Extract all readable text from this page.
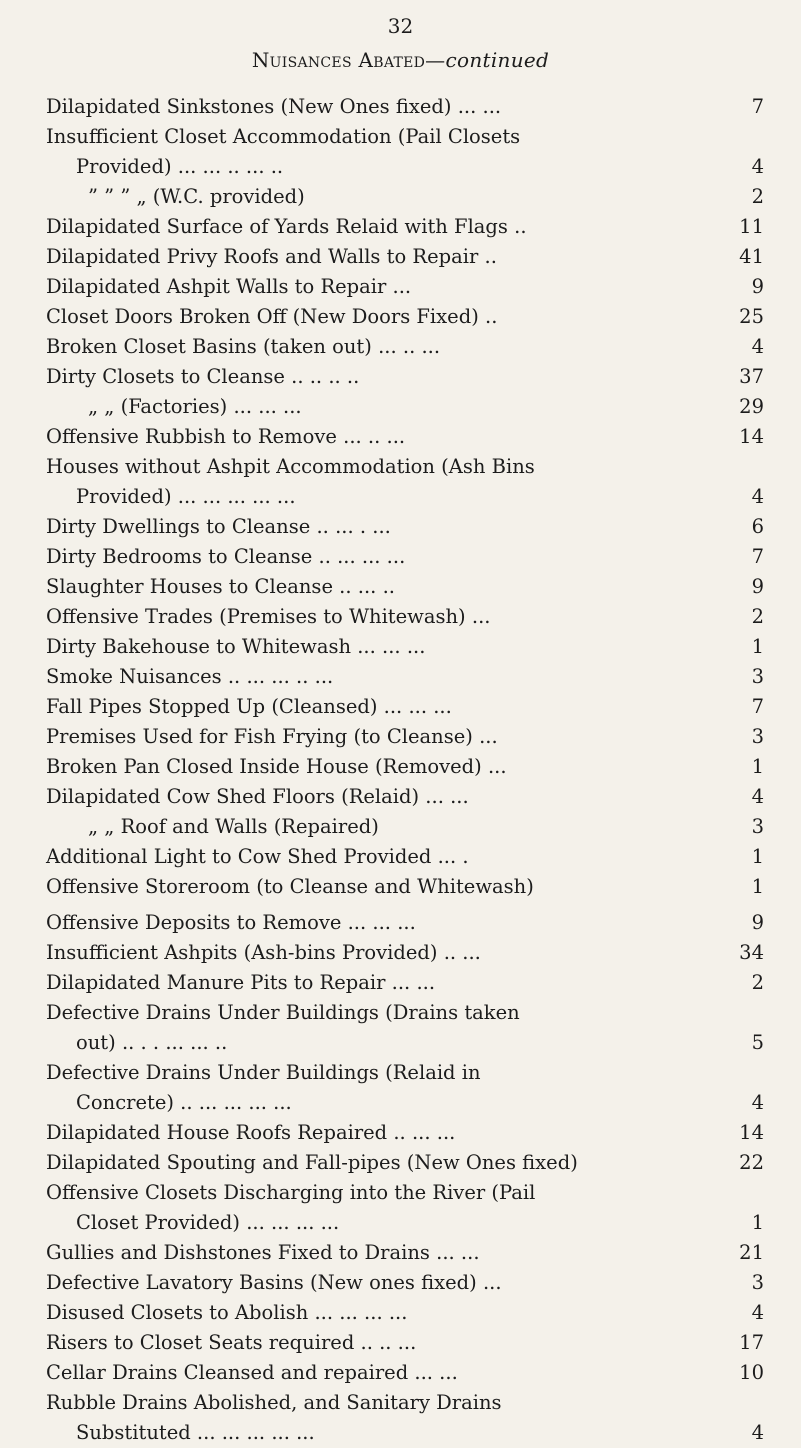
32
Nuisances Abated—continued
Dilapidated Sinkstones (New Ones fixed) ... ...	7
Insufficient Closet Accommodation (Pail Closets
Provided) ... ... .. ... ..	4
” ” ” „ (W.C. provided)	2
Dilapidated Surface of Yards Relaid with Flags ..	11
Dilapidated Privy Roofs and Walls to Repair ..	41
Dilapidated Ashpit Walls to Repair ...	9
Closet Doors Broken Off (New Doors Fixed) ..	25
Broken Closet Basins (taken out) ... .. ...	4
Dirty Closets to Cleanse .. .. .. ..	37
„ „ (Factories) ... ... ...	29
Offensive Rubbish to Remove ... .. ...	14
Houses without Ashpit Accommodation (Ash Bins
Provided) ... ... ... ... ...	4
Dirty Dwellings to Cleanse .. ... . ...	6
Dirty Bedrooms to Cleanse .. ... ... ...	7
Slaughter Houses to Cleanse .. ... ..	9
Offensive Trades (Premises to Whitewash) ...	2
Dirty Bakehouse to Whitewash ... ... ...	1
Smoke Nuisances .. ... ... .. ...	3
Fall Pipes Stopped Up (Cleansed) ... ... ...	7
Premises Used for Fish Frying (to Cleanse) ...	3
Broken Pan Closed Inside House (Removed) ...	1
Dilapidated Cow Shed Floors (Relaid) ... ...	4
„ „ Roof and Walls (Repaired)	3
Additional Light to Cow Shed Provided ... .	1
Offensive Storeroom (to Cleanse and Whitewash)	1
Offensive Deposits to Remove ... ... ...	9
Insufficient Ashpits (Ash-bins Provided) .. ...	34
Dilapidated Manure Pits to Repair ... ...	2
Defective Drains Under Buildings (Drains taken
out) .. . . ... ... ..	5
Defective Drains Under Buildings (Relaid in
Concrete) .. ... ... ... ...	4
Dilapidated House Roofs Repaired .. ... ...	14
Dilapidated Spouting and Fall-pipes (New Ones fixed)	22
Offensive Closets Discharging into the River (Pail
Closet Provided) ... ... ... ...	1
Gullies and Dishstones Fixed to Drains ... ...	21
Defective Lavatory Basins (New ones fixed) ...	3
Disused Closets to Abolish ... ... ... ...	4
Risers to Closet Seats required .. .. ...	17
Cellar Drains Cleansed and repaired ... ...	10
Rubble Drains Abolished, and Sanitary Drains
Substituted ... ... ... ... ...	4
